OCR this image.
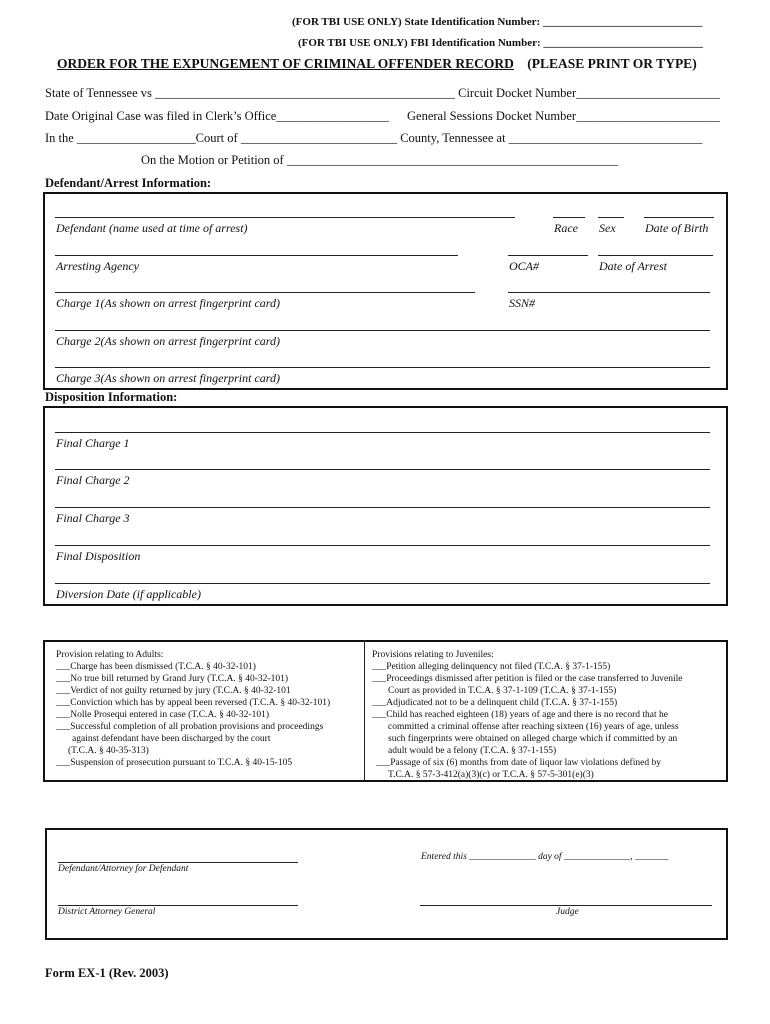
(FOR TBI USE ONLY) State Identification Number: _____________________________
(FOR TBI USE ONLY) FBI Identification Number: _____________________________
ORDER FOR THE EXPUNGEMENT OF CRIMINAL OFFENDER RECORD (PLEASE PRINT OR TYPE)
State of Tennessee vs ________________________________________________ Circuit Docket Number_______________________
Date Original Case was filed in Clerk’s Office__________________ General Sessions Docket Number_______________________
In the ___________________Court of _________________________ County, Tennessee at _______________________________
On the Motion or Petition of _____________________________________________________
Defendant/Arrest Information:
Defendant (name used at time of arrest)	Race Sex Date of Birth
Arresting Agency	OCA#	Date of Arrest
Charge 1(As shown on arrest fingerprint card)	SSN#
Charge 2(As shown on arrest fingerprint card)
Charge 3(As shown on arrest fingerprint card)
Disposition Information:
Final Charge 1
Final Charge 2
Final Charge 3
Final Disposition
Diversion Date (if applicable)
Provision relating to Adults:
___Charge has been dismissed (T.C.A. § 40-32-101)
___No true bill returned by Grand Jury (T.C.A. § 40-32-101)
___Verdict of not guilty returned by jury (T.C.A. § 40-32-101
___Conviction which has by appeal been reversed (T.C.A. § 40-32-101)
___Nolle Prosequi entered in case (T.C.A. § 40-32-101)
___Successful completion of all probation provisions and proceedings
against defendant have been discharged by the court
(T.C.A. § 40-35-313)
___Suspension of prosecution pursuant to T.C.A. § 40-15-105
Provisions relating to Juveniles:
___Petition alleging delinquency not filed (T.C.A. § 37-1-155)
___Proceedings dismissed after petition is filed or the case transferred to Juvenile
Court as provided in T.C.A. § 37-1-109 (T.C.A. § 37-1-155)
___Adjudicated not to be a delinquent child (T.C.A. § 37-1-155)
___Child has reached eighteen (18) years of age and there is no record that he
committed a criminal offense after reaching sixteen (16) years of age, unless
such fingerprints were obtained on alleged charge which if committed by an
adult would be a felony (T.C.A. § 37-1-155)
___Passage of six (6) months from date of liquor law violations defined by
T.C.A. § 57-3-412(a)(3)(c) or T.C.A. § 57-5-301(e)(3)
Defendant/Attorney for Defendant
Entered this ______________ day of ______________, _______
District Attorney General	Judge
Form EX-1 (Rev. 2003)
